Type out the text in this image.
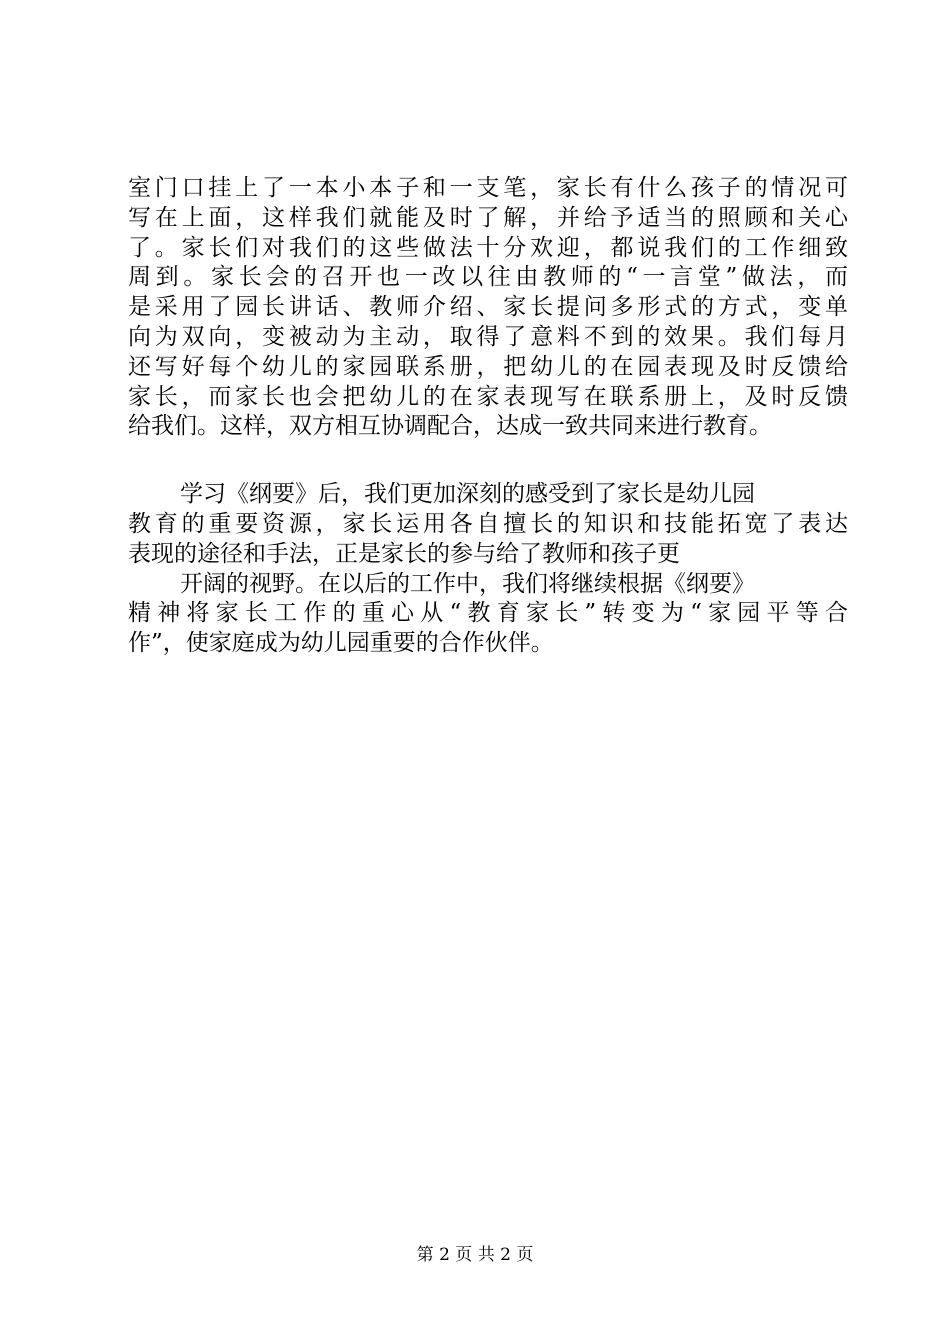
室门口挂上了一本小本子和一支笔，家长有什么孩子的情况可
写在上面，这样我们就能及时了解，并给予适当的照顾和关心
了。家长们对我们的这些做法十分欢迎，都说我们的工作细致
周到。家长会的召开也一改以往由教师的“一言堂”做法，而
是采用了园长讲话、教师介绍、家长提问多形式的方式，变单
向为双向，变被动为主动，取得了意料不到的效果。我们每月
还写好每个幼儿的家园联系册，把幼儿的在园表现及时反馈给
家长，而家长也会把幼儿的在家表现写在联系册上，及时反馈
给我们。这样，双方相互协调配合，达成一致共同来进行教育。
学习《纲要》后，我们更加深刻的感受到了家长是幼儿园
教育的重要资源，家长运用各自擅长的知识和技能拓宽了表达
表现的途径和手法，正是家长的参与给了教师和孩子更
开阔的视野。在以后的工作中，我们将继续根据《纲要》
精神将家长工作的重心从“教育家长”转变为“家园平等合
作”，使家庭成为幼儿园重要的合作伙伴。
第 2 页 共 2 页
